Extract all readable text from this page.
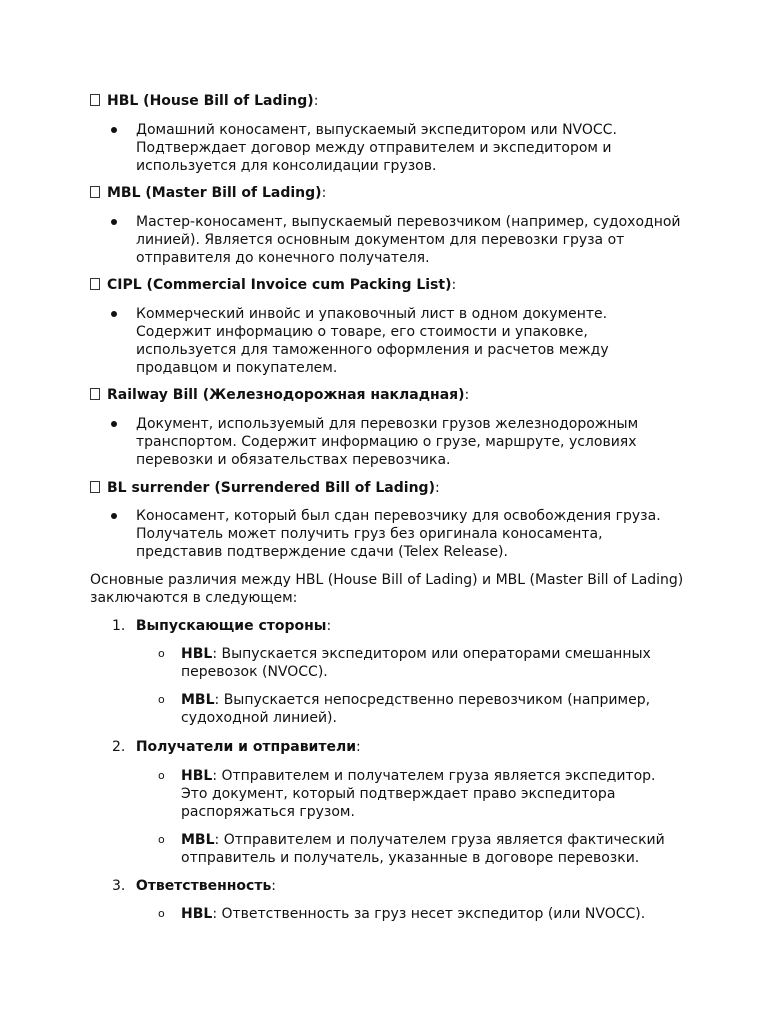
HBL (House Bill of Lading):

Домашний коносамент, выпускаемый экспедитором или NVOCC.
Подтверждает договор между отправителем и экспедитором и
используется для консолидации грузов.

MBL (Master Bill of Lading):

Мастер-коносамент, выпускаемый перевозчиком (например, судоходной
линией). Является основным документом для перевозки груза от
отправителя до конечного получателя.

CIPL (Commercial Invoice cum Packing List):

Коммерческий инвойс и упаковочный лист в одном документе.
Содержит информацию о товаре, его стоимости и упаковке,
используется для таможенного оформления и расчетов между
продавцом и покупателем.

Railway Bill (Железнодорожная накладная):

Документ, используемый для перевозки грузов железнодорожным
транспортом. Содержит информацию о грузе, маршруте, условиях
перевозки и обязательствах перевозчика.

BL surrender (Surrendered Bill of Lading):

Коносамент, который был сдан перевозчику для освобождения груза.
Получатель может получить груз без оригинала коносамента,
представив подтверждение сдачи (Telex Release).

Основные различия между HBL (House Bill of Lading) и MBL (Master Bill of Lading)
заключаются в следующем:

1. Выпускающие стороны:
o HBL: Выпускается экспедитором или операторами смешанных
перевозок (NVOCC).

o MBL: Выпускается непосредственно перевозчиком (например,
судоходной линией).

2. Получатели и отправители:
o HBL: Отправителем и получателем груза является экспедитор.
Это документ, который подтверждает право экспедитора
распоряжаться грузом.

o MBL: Отправителем и получателем груза является фактический
отправитель и получатель, указанные в договоре перевозки.

3. Ответственность:
o HBL: Ответственность за груз несет экспедитор (или NVOCC).
